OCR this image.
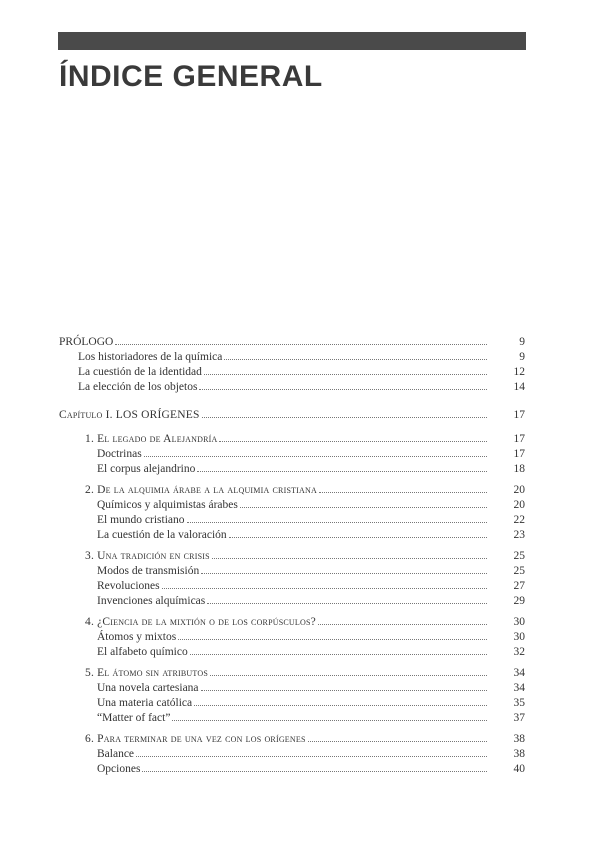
ÍNDICE GENERAL
PRÓLOGO	9
Los historiadores de la química	9
La cuestión de la identidad	12
La elección de los objetos	14
Capítulo I. LOS ORÍGENES	17
1. El legado de Alejandría	17
Doctrinas	17
El corpus alejandrino	18
2. De la alquimia árabe a la alquimia cristiana	20
Químicos y alquimistas árabes	20
El mundo cristiano	22
La cuestión de la valoración	23
3. Una tradición en crisis	25
Modos de transmisión	25
Revoluciones	27
Invenciones alquímicas	29
4. ¿Ciencia de la mixtión o de los corpúsculos?	30
Átomos y mixtos	30
El alfabeto químico	32
5. El átomo sin atributos	34
Una novela cartesiana	34
Una materia católica	35
“Matter of fact”	37
6. Para terminar de una vez con los orígenes	38
Balance	38
Opciones	40
